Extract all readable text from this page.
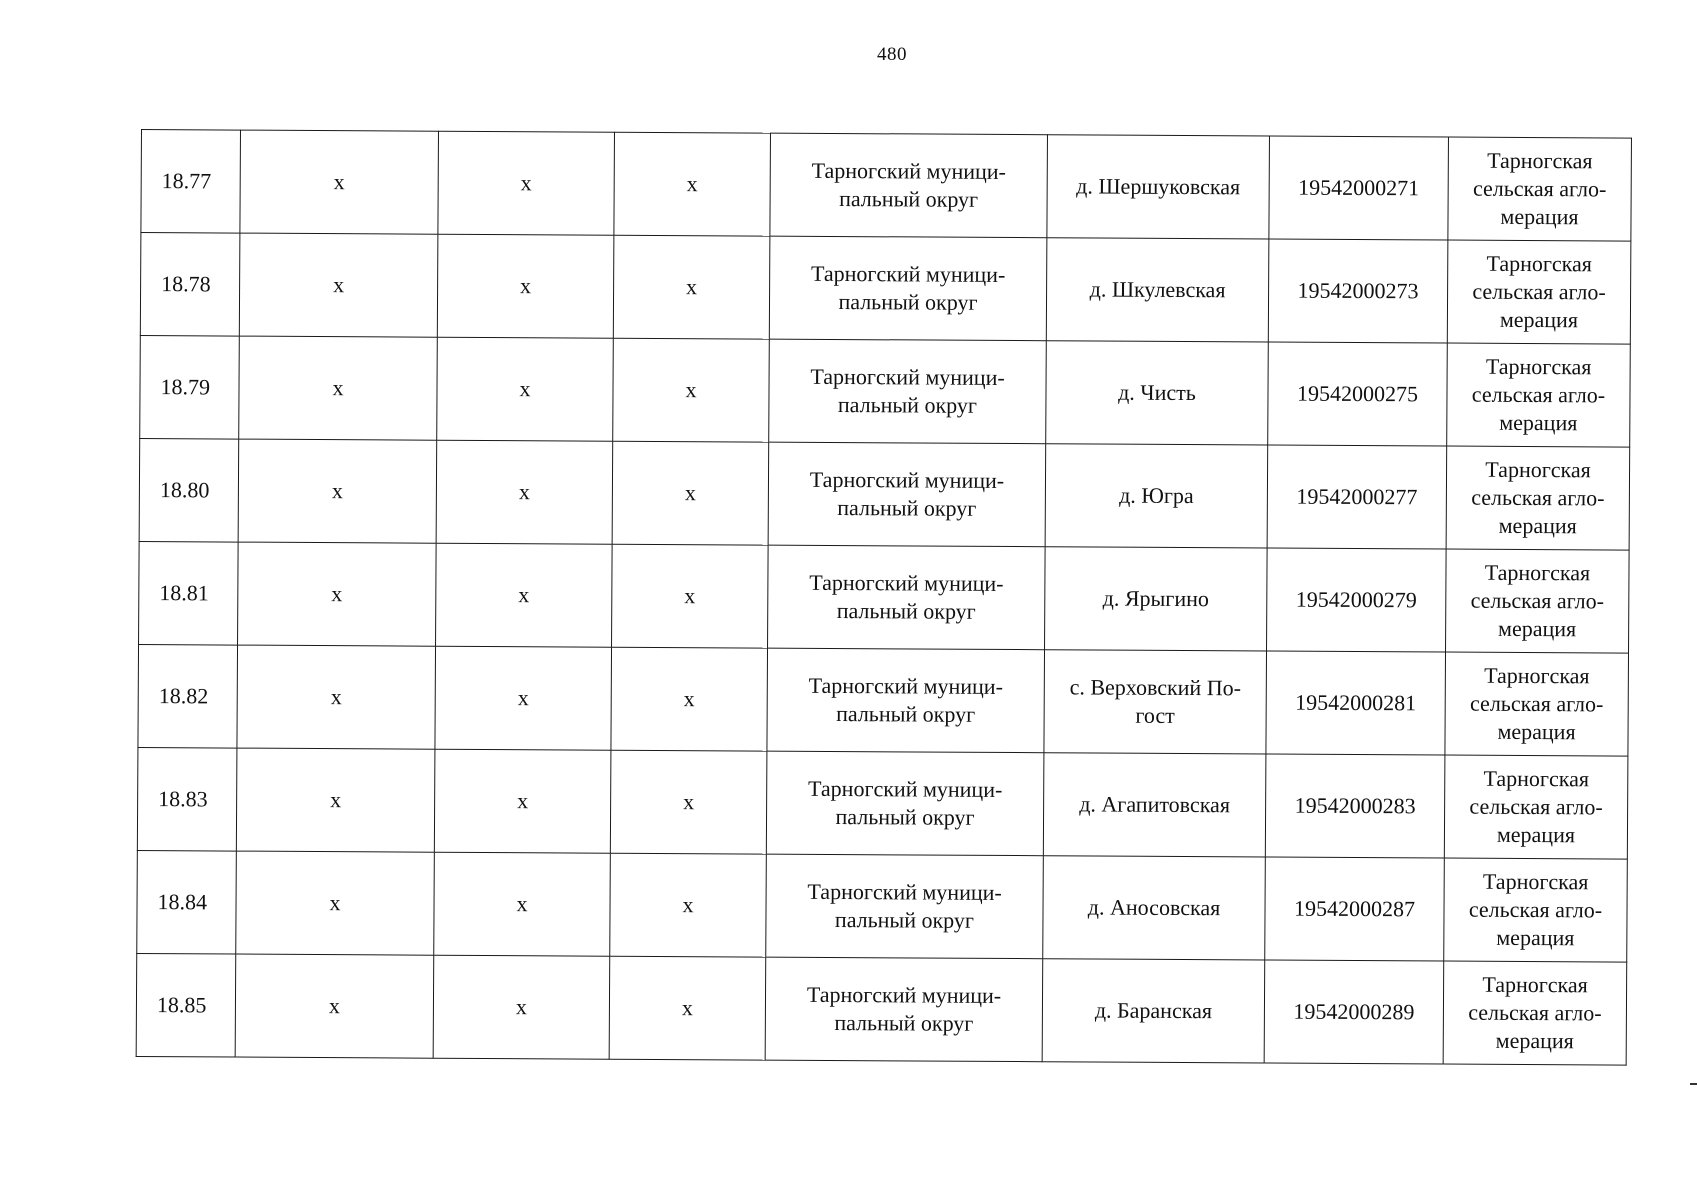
480
18.77	х	х	х	Тарногский муници-
пальный округ	д. Шершуковская	19542000271	Тарногская
сельская агло-
мерация

18.78	х	х	х	Тарногский муници-
пальный округ	д. Шкулевская	19542000273	Тарногская
сельская агло-
мерация

18.79	х	х	х	Тарногский муници-
пальный округ	д. Чисть	19542000275	Тарногская
сельская агло-
мерация

18.80	х	х	х	Тарногский муници-
пальный округ	д. Югра	19542000277	Тарногская
сельская агло-
мерация

18.81	х	х	х	Тарногский муници-
пальный округ	д. Ярыгино	19542000279	Тарногская
сельская агло-
мерация

18.82	х	х	х	Тарногский муници-
пальный округ	с. Верховский По-
гост	19542000281	Тарногская
сельская агло-
мерация

18.83	х	х	х	Тарногский муници-
пальный округ	д. Агапитовская	19542000283	Тарногская
сельская агло-
мерация

18.84	х	х	х	Тарногский муници-
пальный округ	д. Аносовская	19542000287	Тарногская
сельская агло-
мерация

18.85	х	х	х	Тарногский муници-
пальный округ	д. Баранская	19542000289	Тарногская
сельская агло-
мерация
